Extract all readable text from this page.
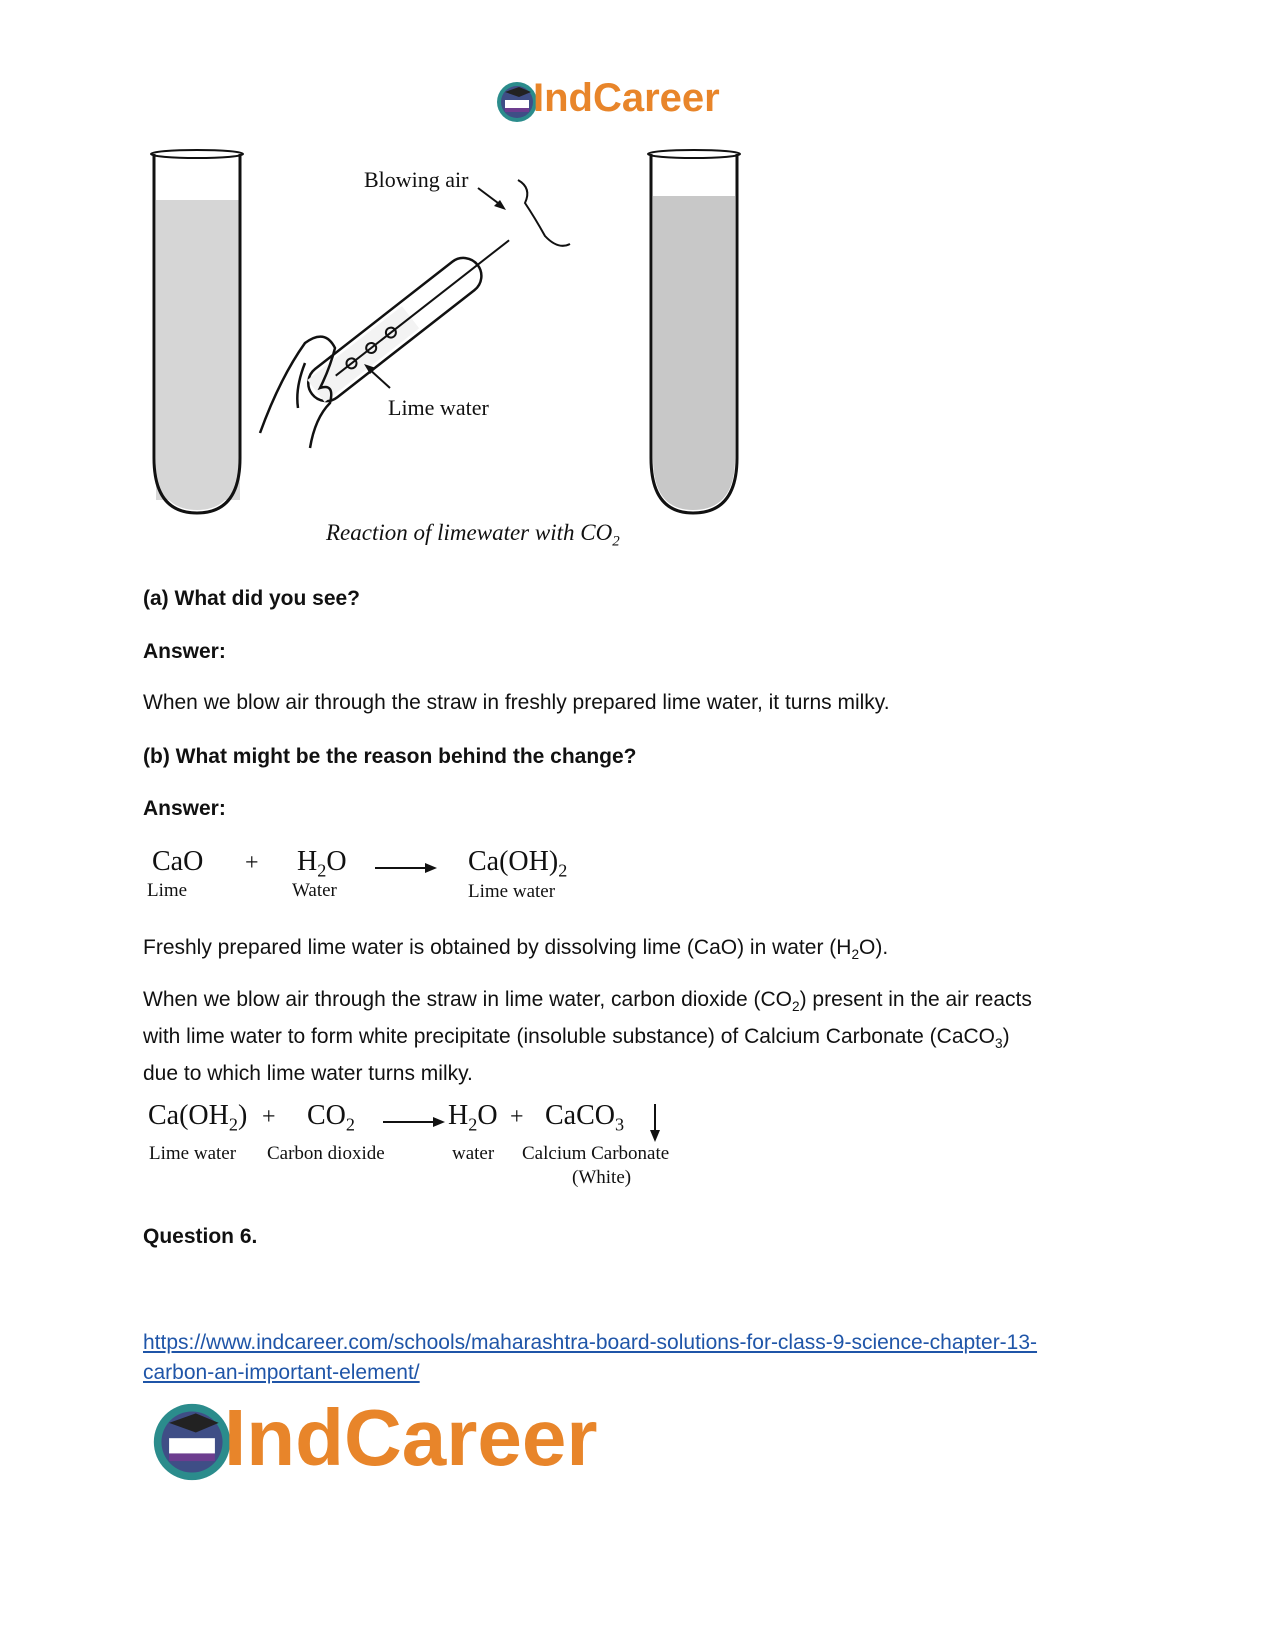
IndCareer
Blowing air
Lime water
Reaction of limewater with $CO_2$
(a) What did you see?
Answer:
When we blow air through the straw in freshly prepared lime water, it turns milky.
(b) What might be the reason behind the change?
Answer:
CaO
Lime
+ $H_2O$
Water
$Ca(OH)_2$
Lime water
Freshly prepared lime water is obtained by dissolving lime (CaO) in water $(H_2O)$.
When we blow air through the straw in lime water, carbon dioxide $(CO_2)$ present in the air reacts
with lime water to form white precipitate (insoluble substance) of Calcium Carbonate (CaCO$_3$)
due to which lime water turns milky.
$Ca(OH_2)$
Lime water
+ $CO_2$
Carbon dioxide
$H_2O$
water
+ CaCO$_3$
Calcium Carbonate
(White)
Question 6.
https://www.indcareer.com/schools/maharashtra-board-solutions-for-class-9-science-chapter-13-
carbon-an-important-element/
IndCareer
